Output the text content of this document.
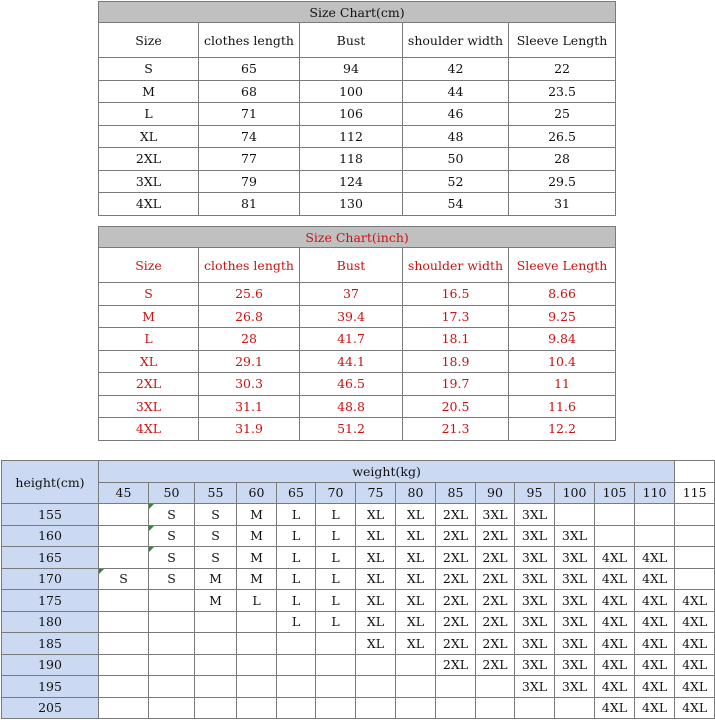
Size Chart(cm)				
Size	clothes length	Bust	shoulder width	Sleeve Length
S	65	94	42	22
M	68	100	44	23.5
L	71	106	46	25
XL	74	112	48	26.5
2XL	77	118	50	28
3XL	79	124	52	29.5
4XL	81	130	54	31
Size Chart(inch)				
Size	clothes length	Bust	shoulder width	Sleeve Length
S	25.6	37	16.5	8.66
M	26.8	39.4	17.3	9.25
L	28	41.7	18.1	9.84
XL	29.1	44.1	18.9	10.4
2XL	30.3	46.5	19.7	11
3XL	31.1	48.8	20.5	11.6
4XL	31.9	51.2	21.3	12.2
height(cm)	weight(kg)														
	45	50	55	60	65	70	75	80	85	90	95	100	105	110	115
155		S	S	M	L	L	XL	XL	2XL	3XL	3XL				
160		S	S	M	L	L	XL	XL	2XL	2XL	3XL	3XL			
165		S	S	M	L	L	XL	XL	2XL	2XL	3XL	3XL	4XL	4XL	
170	S	S	M	M	L	L	XL	XL	2XL	2XL	3XL	3XL	4XL	4XL	
175			M	L	L	L	XL	XL	2XL	2XL	3XL	3XL	4XL	4XL	4XL
180					L	L	XL	XL	2XL	2XL	3XL	3XL	4XL	4XL	4XL
185							XL	XL	2XL	2XL	3XL	3XL	4XL	4XL	4XL
190									2XL	2XL	3XL	3XL	4XL	4XL	4XL
195											3XL	3XL	4XL	4XL	4XL
205													4XL	4XL	4XL
